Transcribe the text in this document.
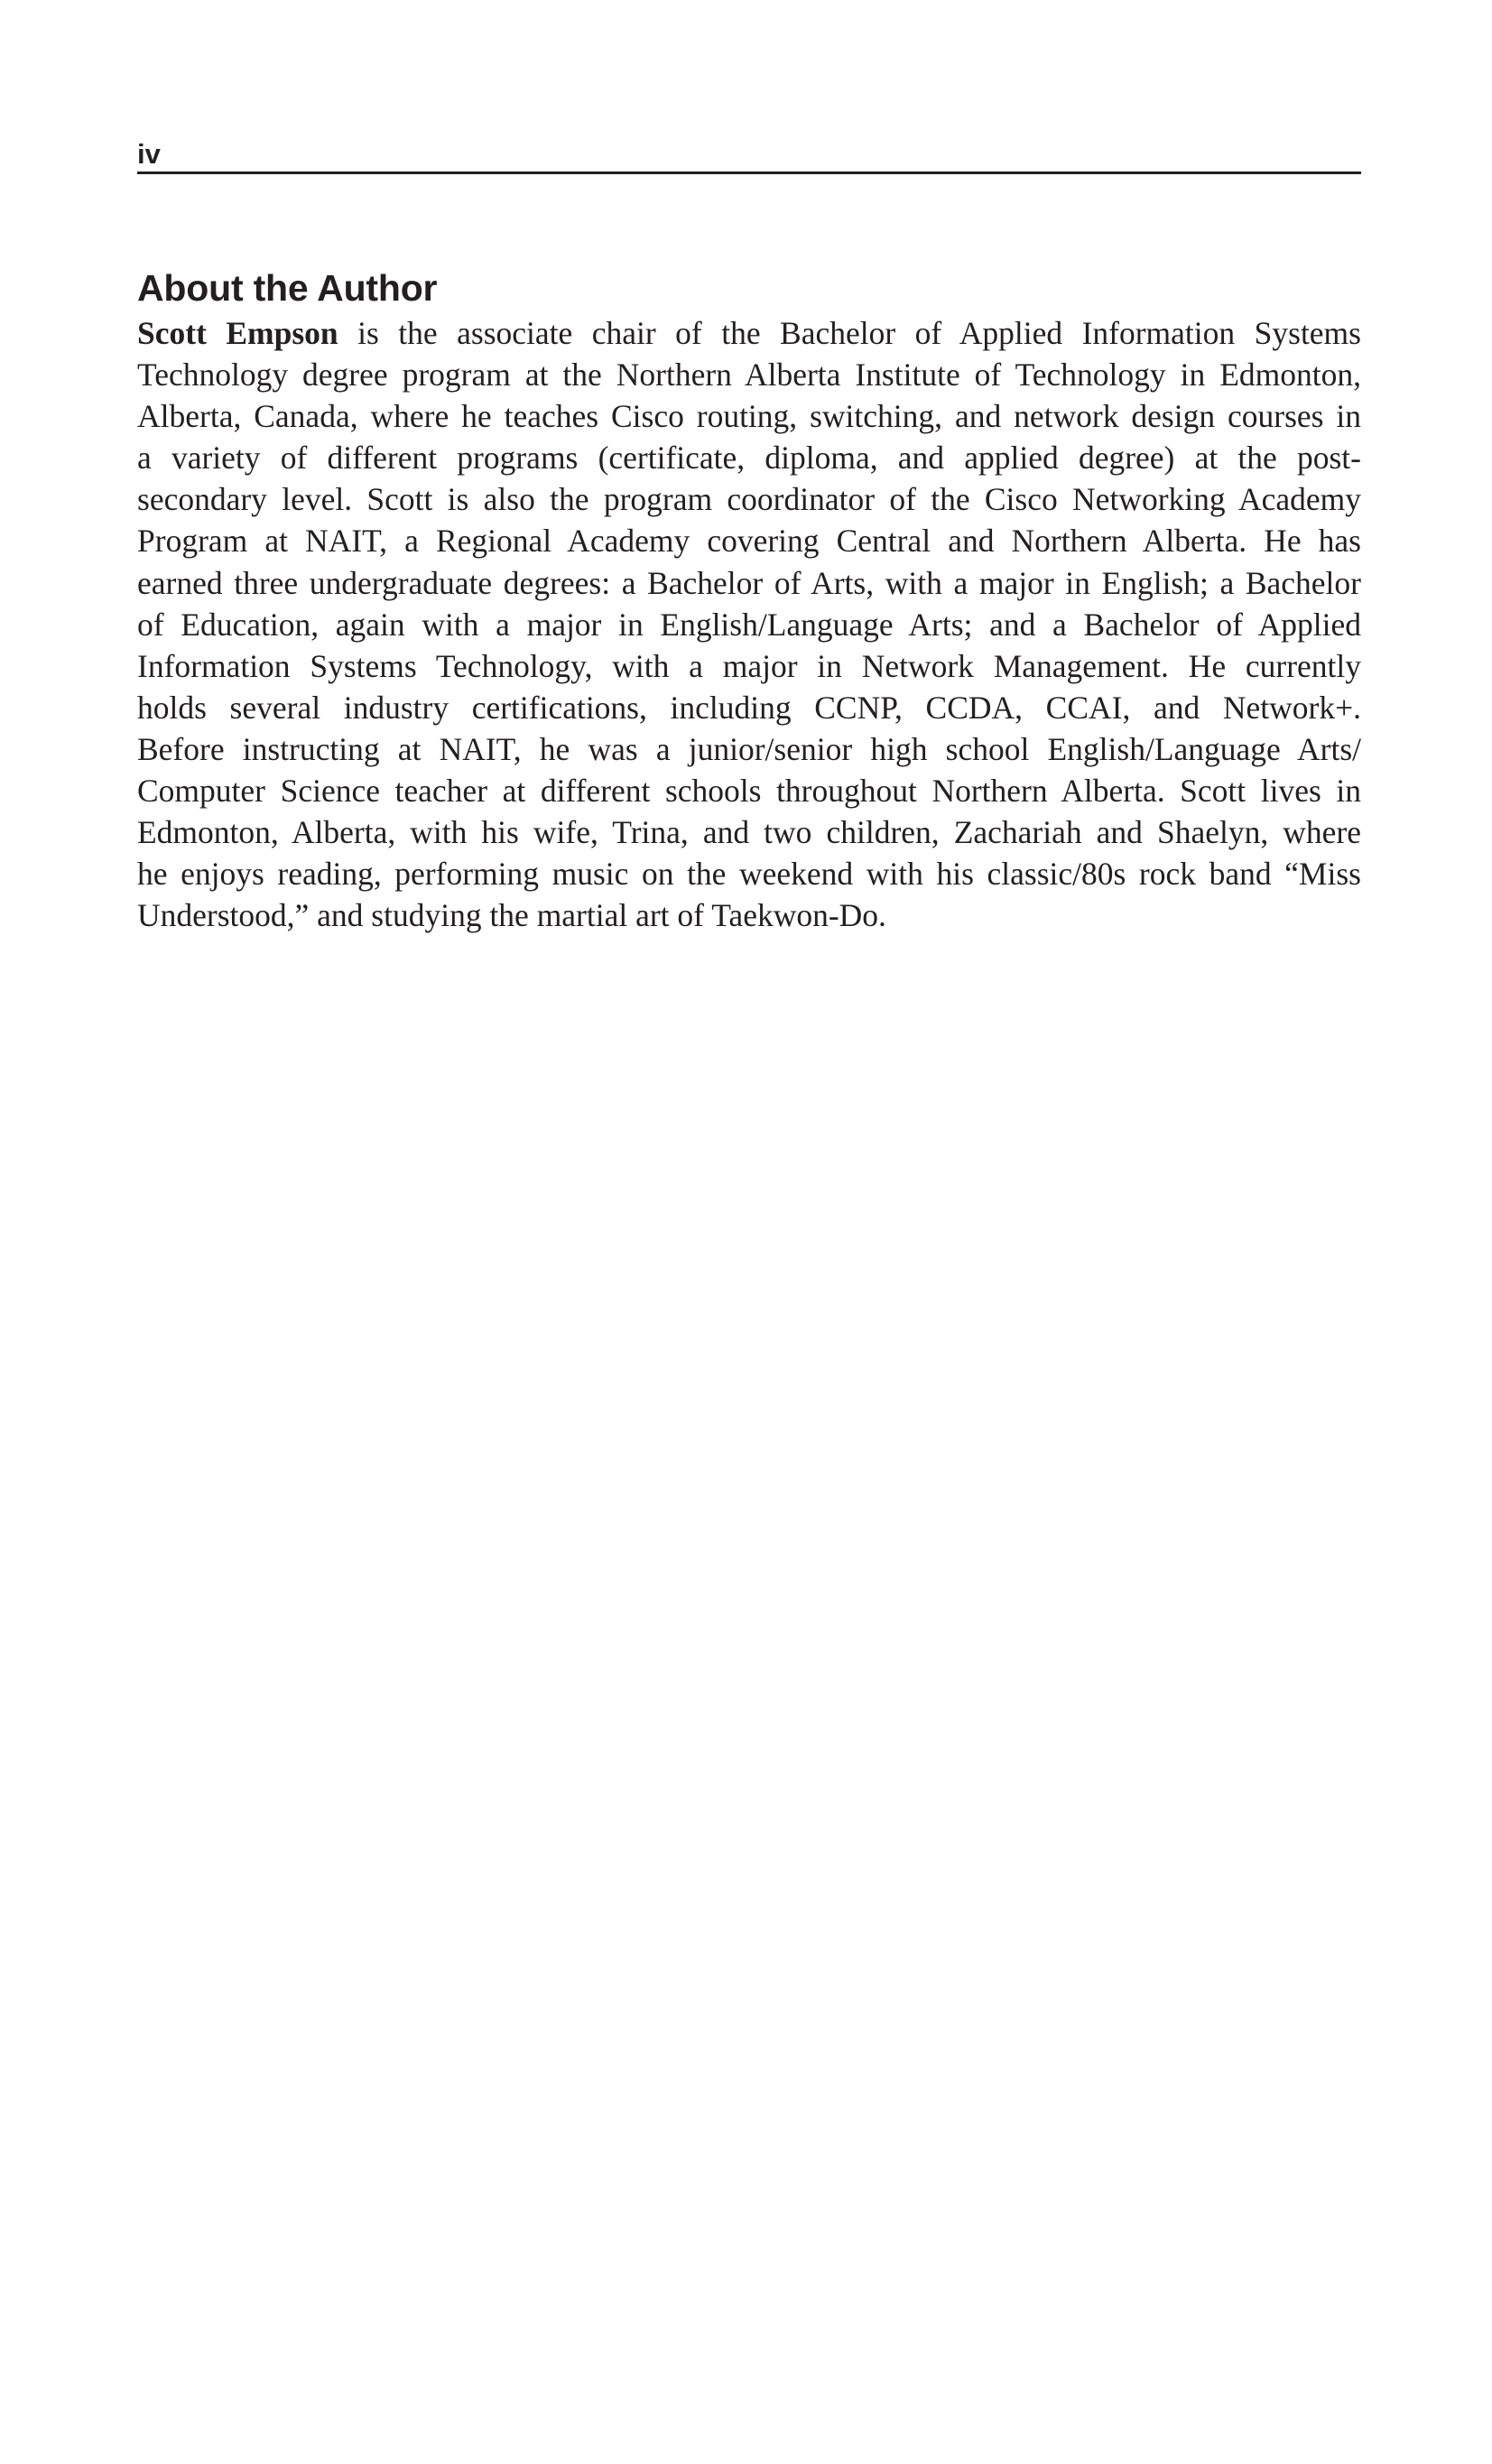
iv
About the Author

Scott Empson is the associate chair of the Bachelor of Applied Information Systems
Technology degree program at the Northern Alberta Institute of Technology in Edmonton,
Alberta, Canada, where he teaches Cisco routing, switching, and network design courses in
a variety of different programs (certificate, diploma, and applied degree) at the post-
secondary level. Scott is also the program coordinator of the Cisco Networking Academy
Program at NAIT, a Regional Academy covering Central and Northern Alberta. He has
earned three undergraduate degrees: a Bachelor of Arts, with a major in English; a Bachelor
of Education, again with a major in English/Language Arts; and a Bachelor of Applied
Information Systems Technology, with a major in Network Management. He currently
holds several industry certifications, including CCNP, CCDA, CCAI, and Network+.
Before instructing at NAIT, he was a junior/senior high school English/Language Arts/
Computer Science teacher at different schools throughout Northern Alberta. Scott lives in
Edmonton, Alberta, with his wife, Trina, and two children, Zachariah and Shaelyn, where
he enjoys reading, performing music on the weekend with his classic/80s rock band “Miss
Understood,” and studying the martial art of Taekwon-Do.
